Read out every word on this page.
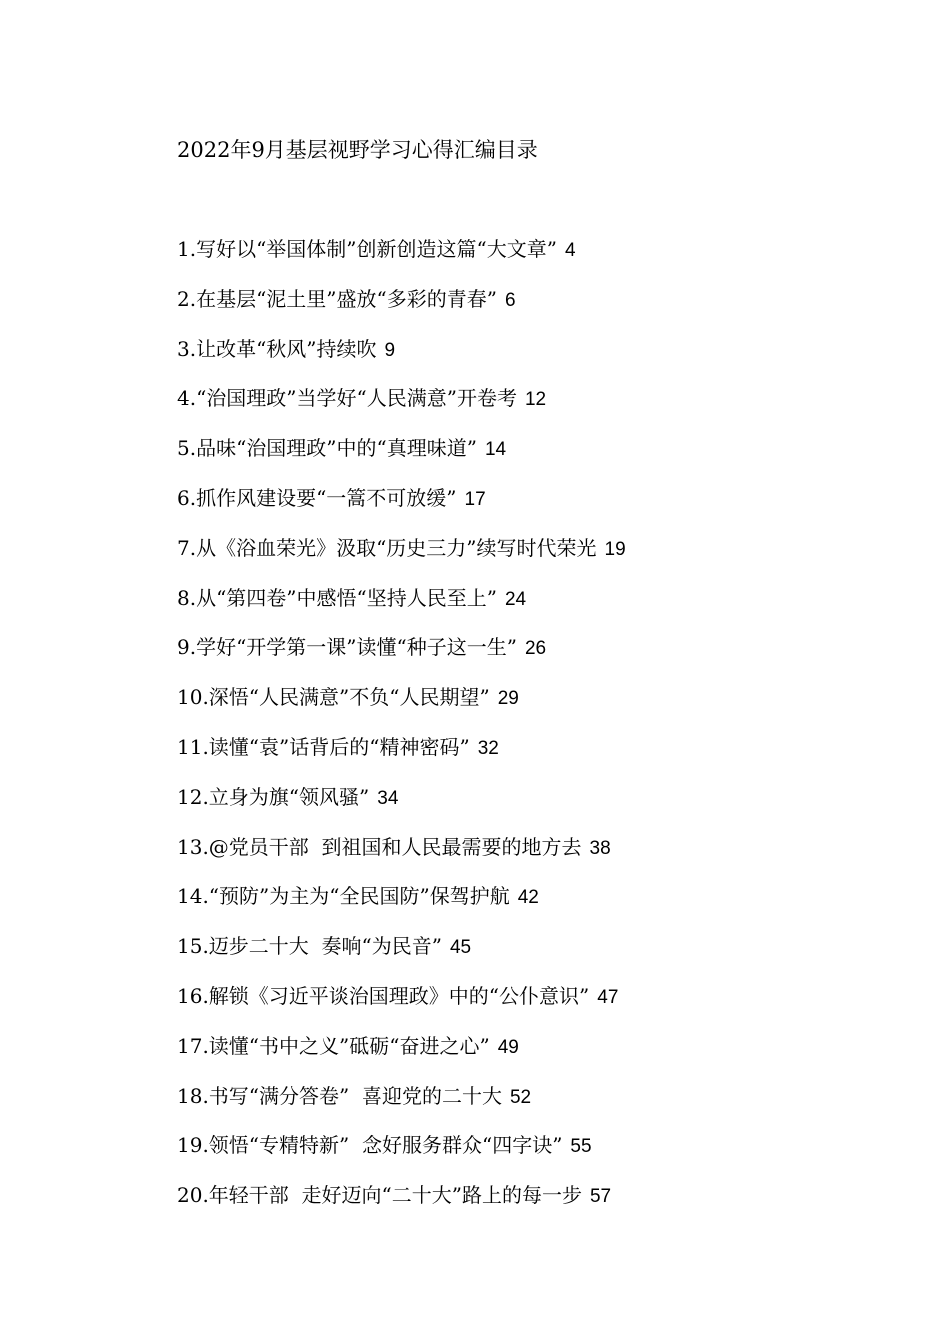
2022年9月基层视野学习心得汇编目录
1.写好以“举国体制”创新创造这篇“大文章” 4
2.在基层“泥土里”盛放“多彩的青春” 6
3.让改革“秋风”持续吹 9
4.“治国理政”当学好“人民满意”开卷考 12
5.品味“治国理政”中的“真理味道” 14
6.抓作风建设要“一篙不可放缓” 17
7.从《浴血荣光》汲取“历史三力”续写时代荣光 19
8.从“第四卷”中感悟“坚持人民至上” 24
9.学好“开学第一课”读懂“种子这一生” 26
10.深悟“人民满意”不负“人民期望” 29
11.读懂“袁”话背后的“精神密码” 32
12.立身为旗“领风骚” 34
13.@党员干部  到祖国和人民最需要的地方去 38
14.“预防”为主为“全民国防”保驾护航 42
15.迈步二十大  奏响“为民音” 45
16.解锁《习近平谈治国理政》中的“公仆意识” 47
17.读懂“书中之义”砥砺“奋进之心” 49
18.书写“满分答卷”  喜迎党的二十大 52
19.领悟“专精特新”  念好服务群众“四字诀” 55
20.年轻干部  走好迈向“二十大”路上的每一步 57
